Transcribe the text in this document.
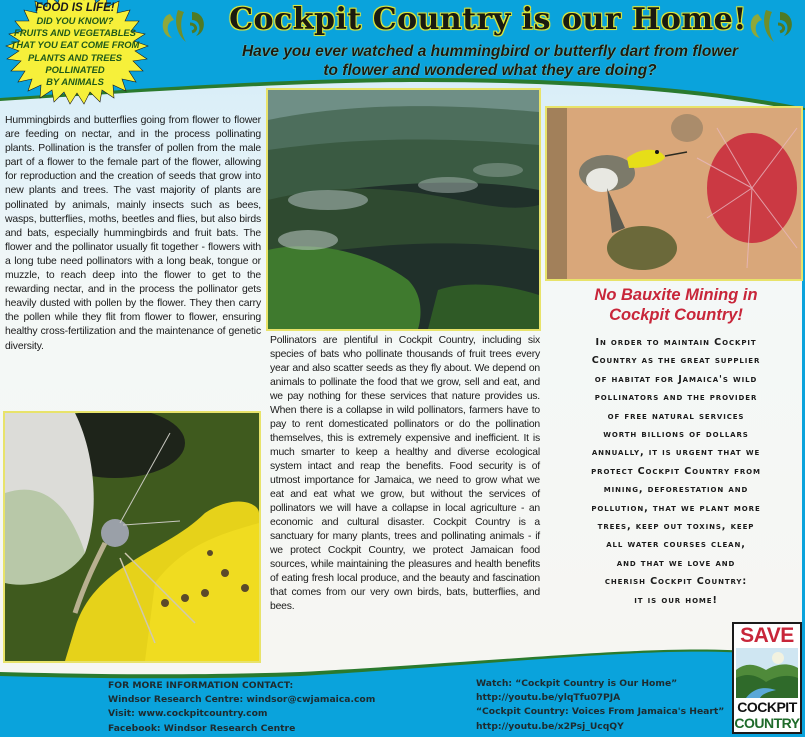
FOOD IS LIFE!
DID YOU KNOW?
FRUITS AND VEGETABLES
THAT YOU EAT COME FROM
PLANTS AND TREES
POLLINATED
BY ANIMALS
Cockpit Country is our Home!
Have you ever watched a hummingbird or butterfly dart from flower
to flower and wondered what they are doing?
Hummingbirds and butterflies going from flower to flower are feeding on nectar, and in the process pollinating plants. Pollination is the transfer of pollen from the male part of a flower to the female part of the flower, allowing for reproduction and the creation of seeds that grow into new plants and trees. The vast majority of plants are pollinated by animals, mainly insects such as bees, wasps, butterflies, moths, beetles and flies, but also birds and bats, especially hummingbirds and fruit bats. The flower and the pollinator usually fit together - flowers with a long tube need pollinators with a long beak, tongue or muzzle, to reach deep into the flower to get to the rewarding nectar, and in the process the pollinator gets heavily dusted with pollen by the flower. They then carry the pollen while they flit from flower to flower, ensuring healthy cross-fertilization and the maintenance of genetic diversity.	Pollinators are plentiful in Cockpit Country, including six species of bats who pollinate thousands of fruit trees every year and also scatter seeds as they fly about. We depend on animals to pollinate the food that we grow, sell and eat, and we pay nothing for these services that nature provides us. When there is a collapse in wild pollinators, farmers have to pay to rent domesticated pollinators or do the pollination themselves, this is extremely expensive and inefficient. It is much smarter to keep a healthy and diverse ecological system intact and reap the benefits. Food security is of utmost importance for Jamaica, we need to grow what we eat and eat what we grow, but without the services of pollinators we will have a collapse in local agriculture - an economic and cultural disaster. Cockpit Country is a sanctuary for many plants, trees and pollinating animals - if we protect Cockpit Country, we protect Jamaican food sources, while maintaining the pleasures and health benefits of eating fresh local produce, and the beauty and fascination that comes from our very own birds, bats, butterflies, and bees.
No Bauxite Mining in
Cockpit Country!
In order to maintain Cockpit
Country as the great supplier
of habitat for Jamaica's wild
pollinators and the provider
of free natural services
worth billions of dollars
annually, it is urgent that we
protect Cockpit Country from
mining, deforestation and
pollution, that we plant more
trees, keep out toxins, keep
all water courses clean,
and that we love and
cherish Cockpit Country:
it is our home!
FOR MORE INFORMATION CONTACT:
Windsor Research Centre: windsor@cwjamaica.com
Visit: www.cockpitcountry.com
Facebook: Windsor Research Centre
Watch: “Cockpit Country is Our Home”
http://youtu.be/ylqTfu07PJA
“Cockpit Country: Voices From Jamaica's Heart”
http://youtu.be/x2Psj_UcqQY
SAVE
COCKPIT
COUNTRY
